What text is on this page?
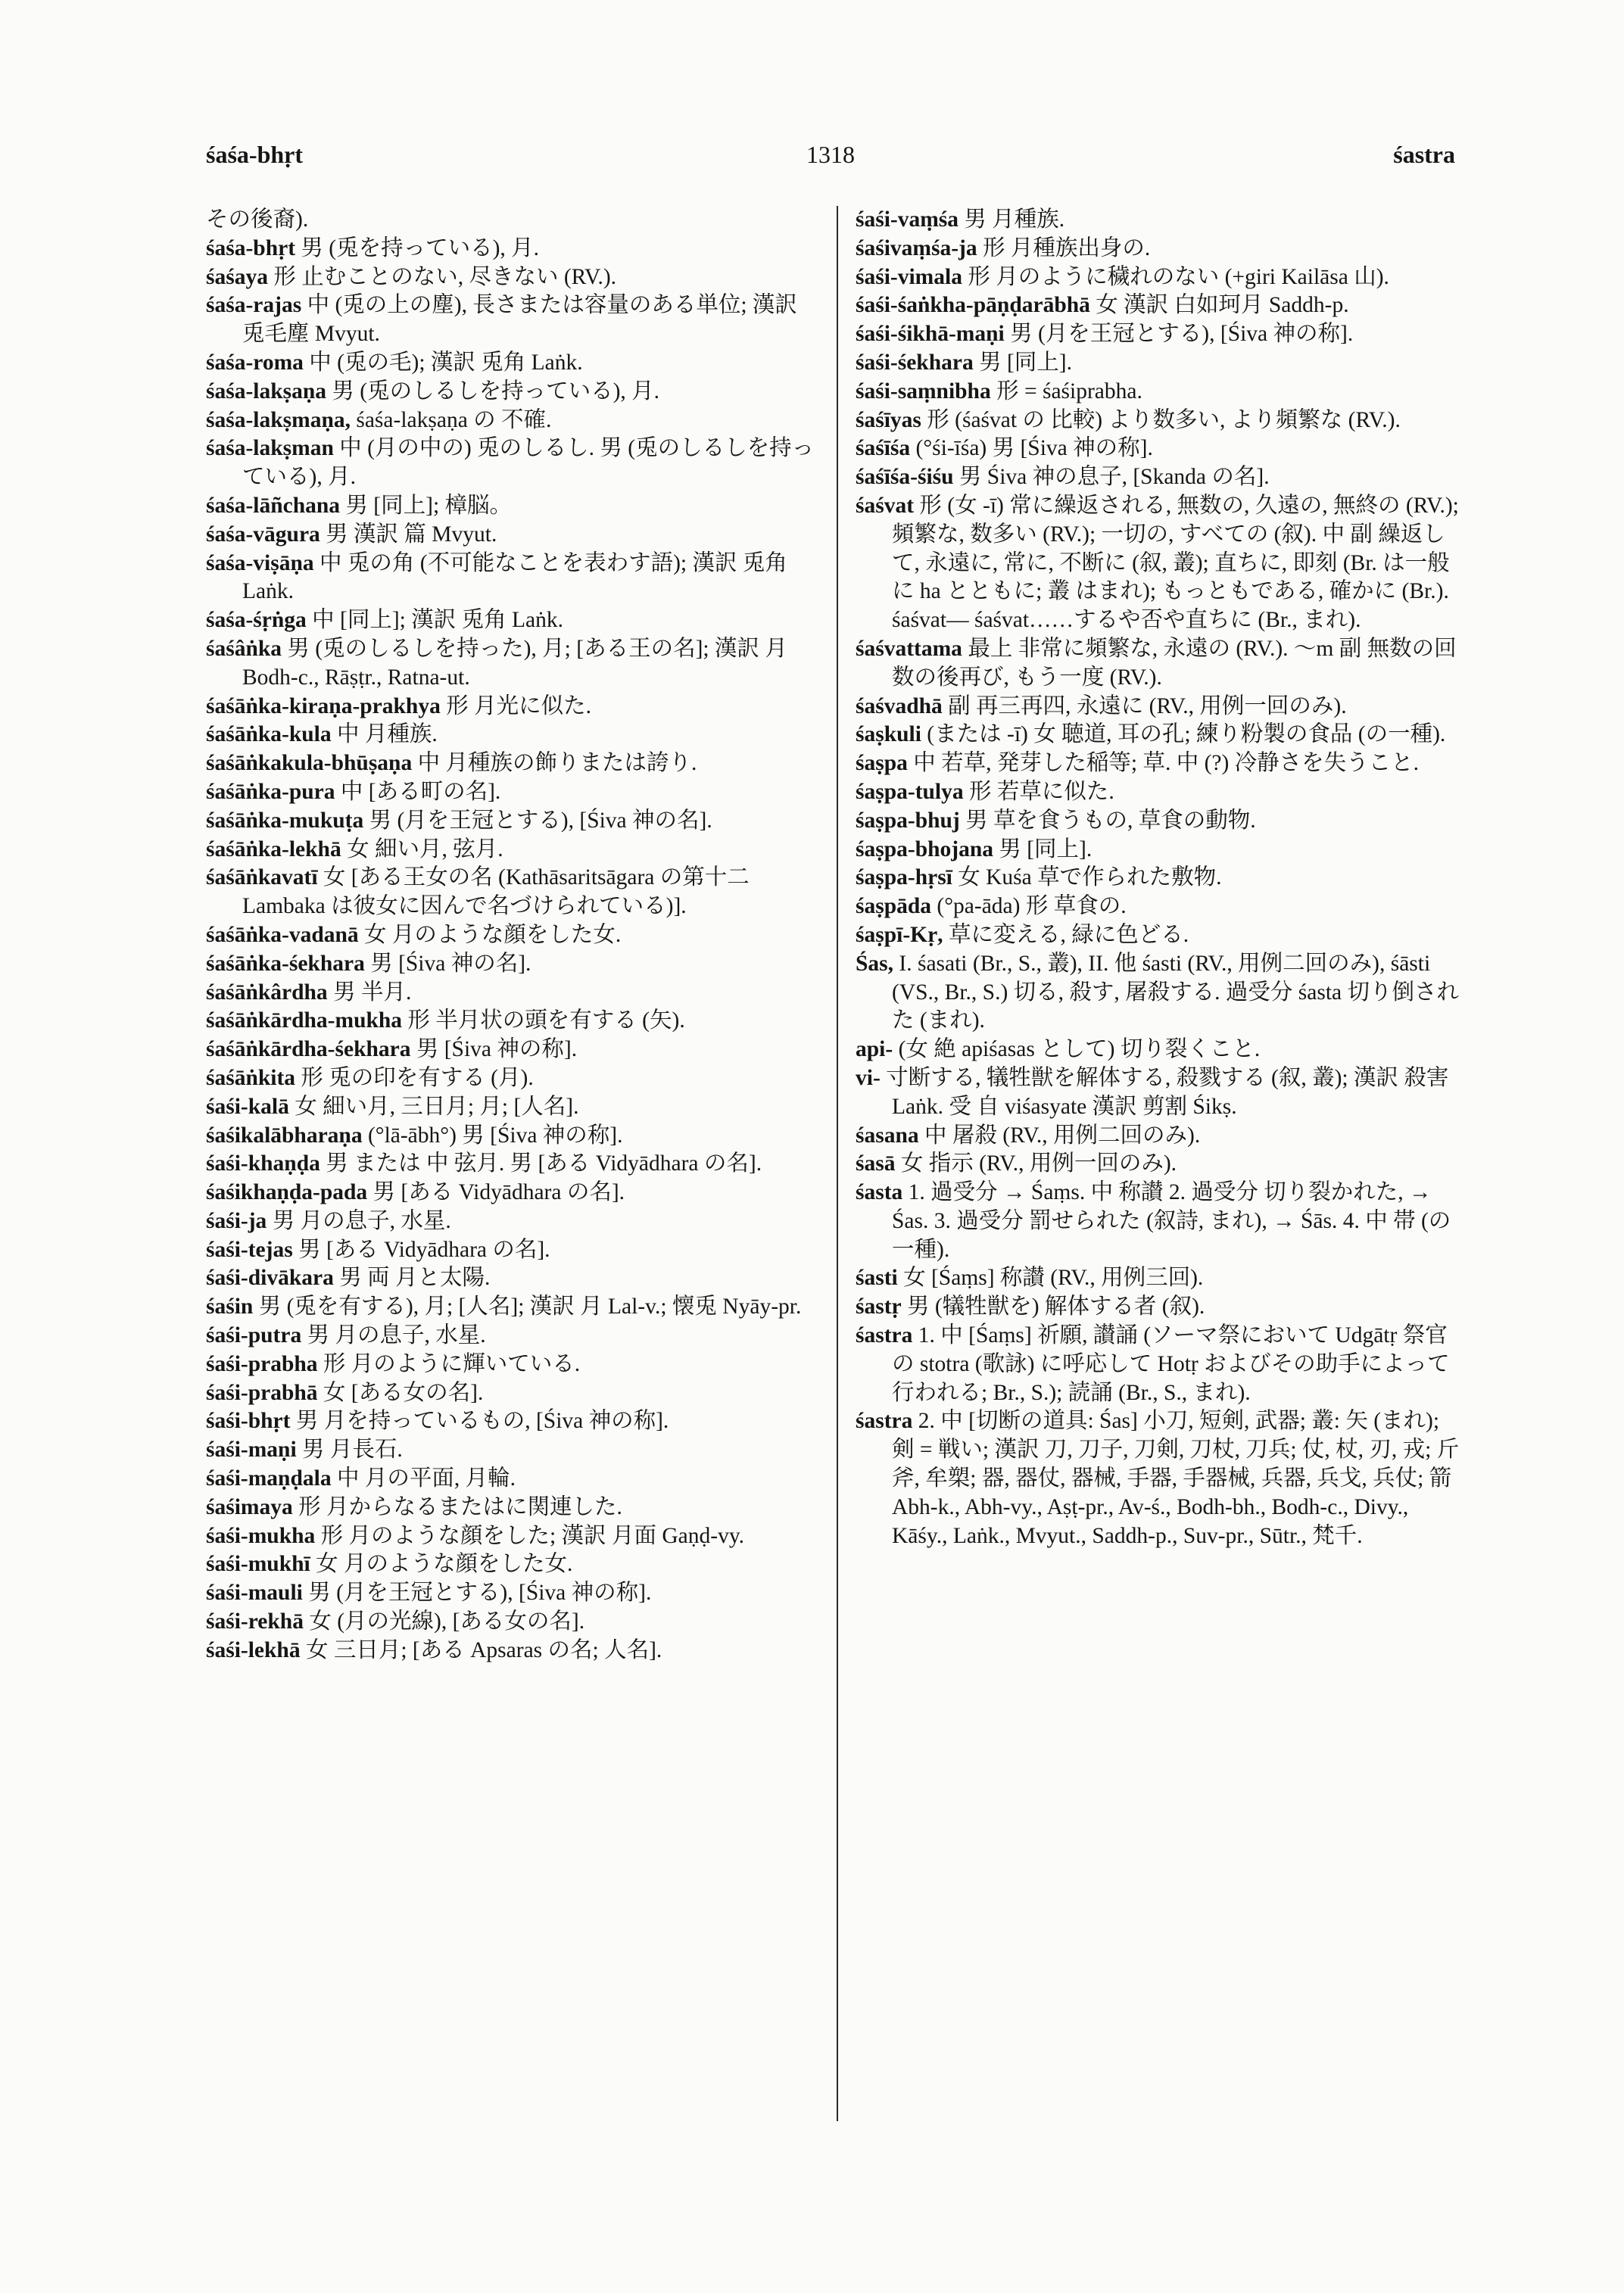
śaśa-bhṛt	1318	śastra

その後裔).

śaśa-bhṛt 男 (兎を持っている), 月.

śaśaya 形 止むことのない, 尽きない (RV.).

śaśa-rajas 中 (兎の上の塵), 長さまたは容量のある単位; 漢訳 兎毛塵 Mvyut.

śaśa-roma 中 (兎の毛); 漢訳 兎角 Laṅk.

śaśa-lakṣaṇa 男 (兎のしるしを持っている), 月.

śaśa-lakṣmaṇa, śaśa-lakṣaṇa の 不確.

śaśa-lakṣman 中 (月の中の) 兎のしるし. 男 (兎のしるしを持っている), 月.

śaśa-lāñchana 男 [同上]; 樟脳。

śaśa-vāgura 男 漢訳 篇 Mvyut.

śaśa-viṣāṇa 中 兎の角 (不可能なことを表わす語); 漢訳 兎角 Laṅk.

śaśa-śṛṅga 中 [同上]; 漢訳 兎角 Laṅk.

śaśâṅka 男 (兎のしるしを持った), 月; [ある王の名]; 漢訳 月 Bodh-c., Rāṣṭr., Ratna-ut.

śaśāṅka-kiraṇa-prakhya 形 月光に似た.

śaśāṅka-kula 中 月種族.

śaśāṅkakula-bhūṣaṇa 中 月種族の飾りまたは誇り.

śaśāṅka-pura 中 [ある町の名].

śaśāṅka-mukuṭa 男 (月を王冠とする), [Śiva 神の名].

śaśāṅka-lekhā 女 細い月, 弦月.

śaśāṅkavatī 女 [ある王女の名 (Kathāsaritsāgara の第十二 Lambaka は彼女に因んで名づけられている)].

śaśāṅka-vadanā 女 月のような顔をした女.

śaśāṅka-śekhara 男 [Śiva 神の名].

śaśāṅkârdha 男 半月.

śaśāṅkārdha-mukha 形 半月状の頭を有する (矢).

śaśāṅkārdha-śekhara 男 [Śiva 神の称].

śaśāṅkita 形 兎の印を有する (月).

śaśi-kalā 女 細い月, 三日月; 月; [人名].

śaśikalābharaṇa (°lā-ābh°) 男 [Śiva 神の称].

śaśi-khaṇḍa 男 または 中 弦月. 男 [ある Vidyādhara の名].

śaśikhaṇḍa-pada 男 [ある Vidyādhara の名].

śaśi-ja 男 月の息子, 水星.

śaśi-tejas 男 [ある Vidyādhara の名].

śaśi-divākara 男 両 月と太陽.

śaśin 男 (兎を有する), 月; [人名]; 漢訳 月 Lal-v.; 懐兎 Nyāy-pr.

śaśi-putra 男 月の息子, 水星.

śaśi-prabha 形 月のように輝いている.

śaśi-prabhā 女 [ある女の名].

śaśi-bhṛt 男 月を持っているもの, [Śiva 神の称].

śaśi-maṇi 男 月長石.

śaśi-maṇḍala 中 月の平面, 月輪.

śaśimaya 形 月からなるまたはに関連した.

śaśi-mukha 形 月のような顔をした; 漢訳 月面 Gaṇḍ-vy.

śaśi-mukhī 女 月のような顔をした女.

śaśi-mauli 男 (月を王冠とする), [Śiva 神の称].

śaśi-rekhā 女 (月の光線), [ある女の名].

śaśi-lekhā 女 三日月; [ある Apsaras の名; 人名].

śaśi-vaṃśa 男 月種族.

śaśivaṃśa-ja 形 月種族出身の.

śaśi-vimala 形 月のように穢れのない (+giri Kailāsa 山).

śaśi-śaṅkha-pāṇḍarābhā 女 漢訳 白如珂月 Saddh-p.

śaśi-śikhā-maṇi 男 (月を王冠とする), [Śiva 神の称].

śaśi-śekhara 男 [同上].

śaśi-saṃnibha 形 = śaśiprabha.

śaśīyas 形 (śaśvat の 比較) より数多い, より頻繁な (RV.).

śaśīśa (°śi-īśa) 男 [Śiva 神の称].

śaśīśa-śiśu 男 Śiva 神の息子, [Skanda の名].

śaśvat 形 (女 -ī) 常に繰返される, 無数の, 久遠の, 無終の (RV.); 頻繁な, 数多い (RV.); 一切の, すべての (叙). 中 副 繰返して, 永遠に, 常に, 不断に (叙, 叢); 直ちに, 即刻 (Br. は一般に ha とともに; 叢 はまれ); もっともである, 確かに (Br.). śaśvat— śaśvat……するや否や直ちに (Br., まれ).

śaśvattama 最上 非常に頻繁な, 永遠の (RV.). ～m 副 無数の回数の後再び, もう一度 (RV.).

śaśvadhā 副 再三再四, 永遠に (RV., 用例一回のみ).

śaṣkuli (または -ī) 女 聴道, 耳の孔; 練り粉製の食品 (の一種).

śaṣpa 中 若草, 発芽した稲等; 草. 中 (?) 冷静さを失うこと.

śaṣpa-tulya 形 若草に似た.

śaṣpa-bhuj 男 草を食うもの, 草食の動物.

śaṣpa-bhojana 男 [同上].

śaṣpa-hṛsī 女 Kuśa 草で作られた敷物.

śaṣpāda (°pa-āda) 形 草食の.

śaṣpī-Kṛ, 草に変える, 緑に色どる.

Śas, I. śasati (Br., S., 叢), II. 他 śasti (RV., 用例二回のみ), śāsti (VS., Br., S.) 切る, 殺す, 屠殺する. 過受分 śasta 切り倒された (まれ).

api- (女 絶 apiśasas として) 切り裂くこと.

vi- 寸断する, 犠牲獣を解体する, 殺戮する (叙, 叢); 漢訳 殺害 Laṅk. 受 自 viśasyate 漢訳 剪割 Śikṣ.

śasana 中 屠殺 (RV., 用例二回のみ).

śasā 女 指示 (RV., 用例一回のみ).

śasta 1. 過受分 → Śaṃs. 中 称讃 2. 過受分 切り裂かれた, → Śas. 3. 過受分 罰せられた (叙詩, まれ), → Śās. 4. 中 帯 (の一種).

śasti 女 [Śaṃs] 称讃 (RV., 用例三回).

śastṛ 男 (犠牲獣を) 解体する者 (叙).

śastra 1. 中 [Śaṃs] 祈願, 讃誦 (ソーマ祭において Udgātṛ 祭官の stotra (歌詠) に呼応して Hotṛ およびその助手によって行われる; Br., S.); 読誦 (Br., S., まれ).

śastra 2. 中 [切断の道具: Śas] 小刀, 短剣, 武器; 叢: 矢 (まれ); 剣 = 戦い; 漢訳 刀, 刀子, 刀剣, 刀杖, 刀兵; 仗, 杖, 刃, 戎; 斤斧, 牟槊; 器, 器仗, 器械, 手器, 手器械, 兵器, 兵戈, 兵仗; 箭 Abh-k., Abh-vy., Aṣṭ-pr., Av-ś., Bodh-bh., Bodh-c., Divy., Kāśy., Laṅk., Mvyut., Saddh-p., Suv-pr., Sūtr., 梵千.
